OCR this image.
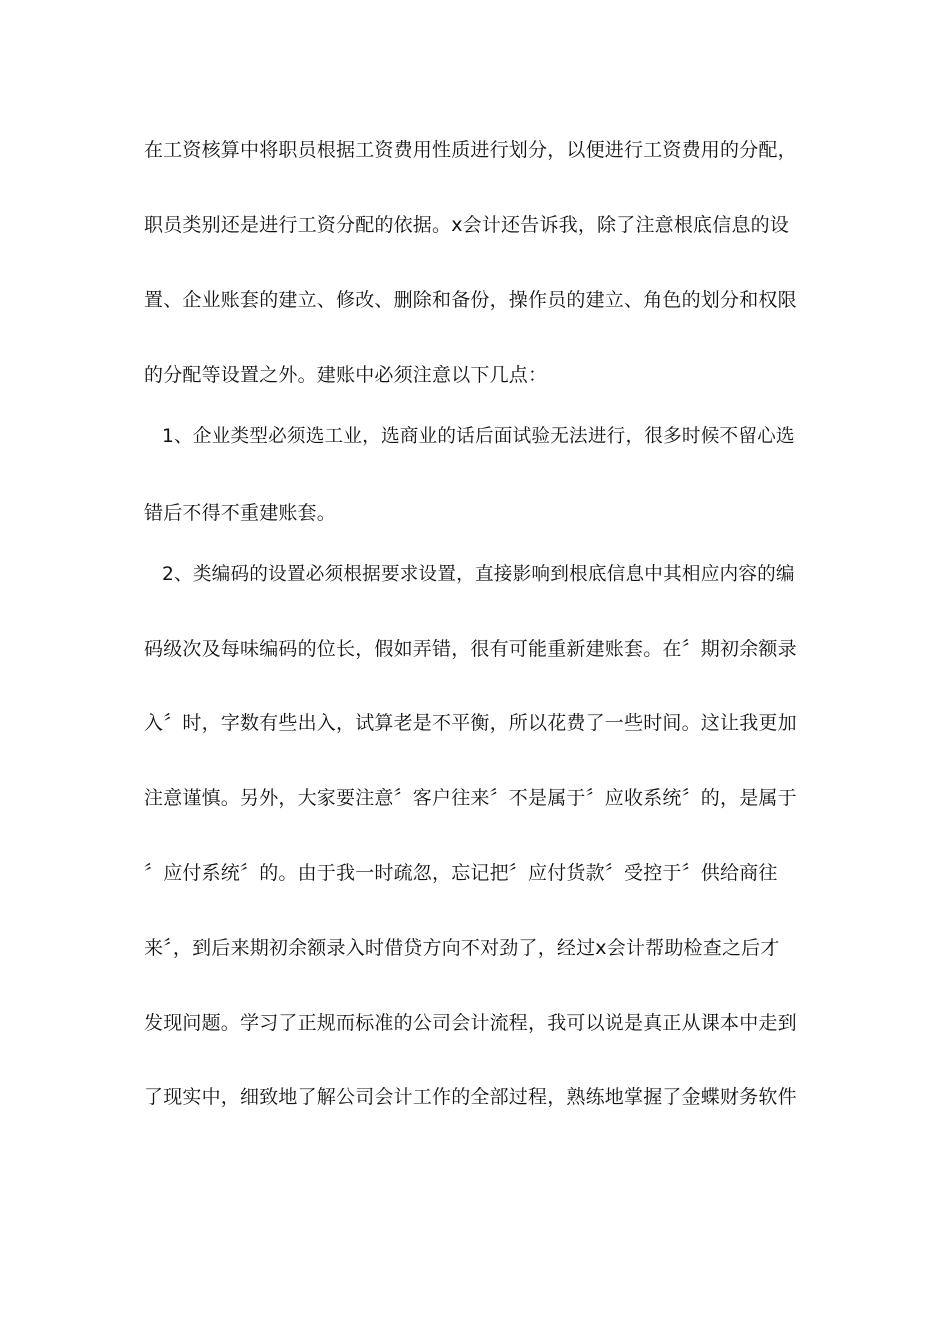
在工资核算中将职员根据工资费用性质进行划分，以便进行工资费用的分配，
职员类别还是进行工资分配的依据。x会计还告诉我，除了注意根底信息的设
置、企业账套的建立、修改、删除和备份，操作员的建立、角色的划分和权限
的分配等设置之外。建账中必须注意以下几点：
1、企业类型必须选工业，选商业的话后面试验无法进行，很多时候不留心选
错后不得不重建账套。
2、类编码的设置必须根据要求设置，直接影响到根底信息中其相应内容的编
码级次及每味编码的位长，假如弄错，很有可能重新建账套。在〞期初余额录
入〞时，字数有些出入，试算老是不平衡，所以花费了一些时间。这让我更加
注意谨慎。另外，大家要注意〞客户往来〞不是属于〞应收系统〞的，是属于
〞应付系统〞的。由于我一时疏忽，忘记把〞应付货款〞受控于〞供给商往
来〞，到后来期初余额录入时借贷方向不对劲了，经过x会计帮助检查之后才
发现问题。学习了正规而标准的公司会计流程，我可以说是真正从课本中走到
了现实中，细致地了解公司会计工作的全部过程，熟练地掌握了金蝶财务软件
